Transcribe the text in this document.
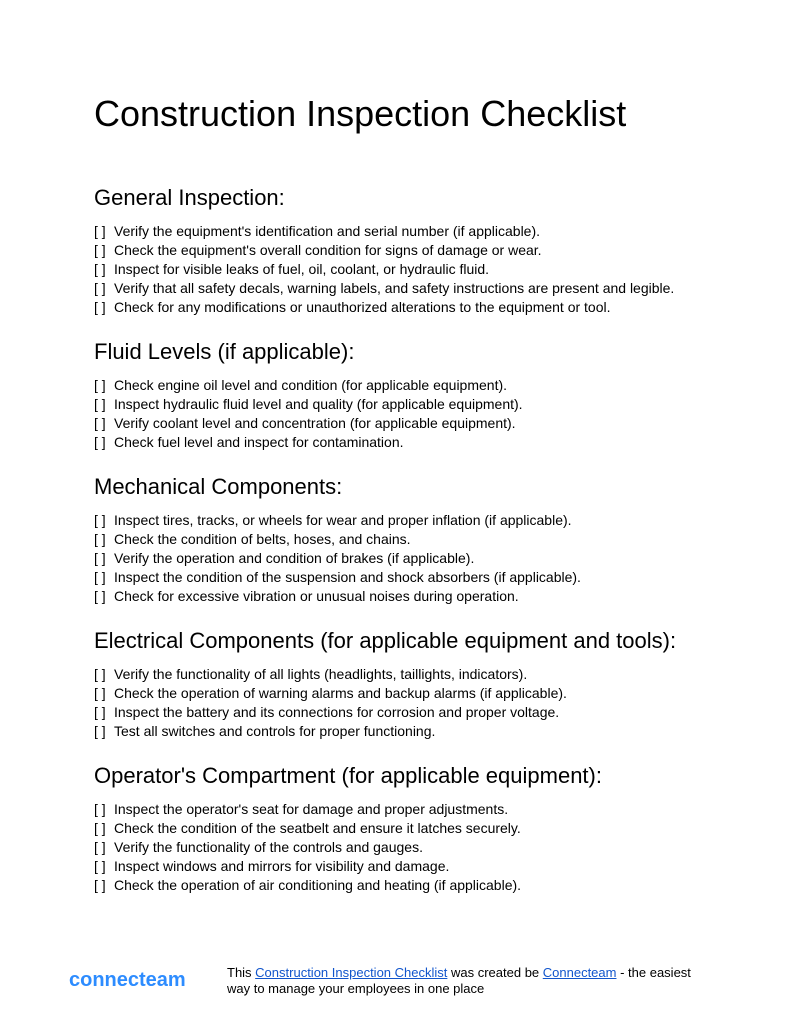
Construction Inspection Checklist
General Inspection:
[ ] Verify the equipment's identification and serial number (if applicable).
[ ] Check the equipment's overall condition for signs of damage or wear.
[ ] Inspect for visible leaks of fuel, oil, coolant, or hydraulic fluid.
[ ] Verify that all safety decals, warning labels, and safety instructions are present and legible.
[ ] Check for any modifications or unauthorized alterations to the equipment or tool.
Fluid Levels (if applicable):
[ ] Check engine oil level and condition (for applicable equipment).
[ ] Inspect hydraulic fluid level and quality (for applicable equipment).
[ ] Verify coolant level and concentration (for applicable equipment).
[ ] Check fuel level and inspect for contamination.
Mechanical Components:
[ ] Inspect tires, tracks, or wheels for wear and proper inflation (if applicable).
[ ] Check the condition of belts, hoses, and chains.
[ ] Verify the operation and condition of brakes (if applicable).
[ ] Inspect the condition of the suspension and shock absorbers (if applicable).
[ ] Check for excessive vibration or unusual noises during operation.
Electrical Components (for applicable equipment and tools):
[ ] Verify the functionality of all lights (headlights, taillights, indicators).
[ ] Check the operation of warning alarms and backup alarms (if applicable).
[ ] Inspect the battery and its connections for corrosion and proper voltage.
[ ] Test all switches and controls for proper functioning.
Operator's Compartment (for applicable equipment):
[ ] Inspect the operator's seat for damage and proper adjustments.
[ ] Check the condition of the seatbelt and ensure it latches securely.
[ ] Verify the functionality of the controls and gauges.
[ ] Inspect windows and mirrors for visibility and damage.
[ ] Check the operation of air conditioning and heating (if applicable).
connecteam	This Construction Inspection Checklist was created be Connecteam - the easiest way to manage your employees in one place
